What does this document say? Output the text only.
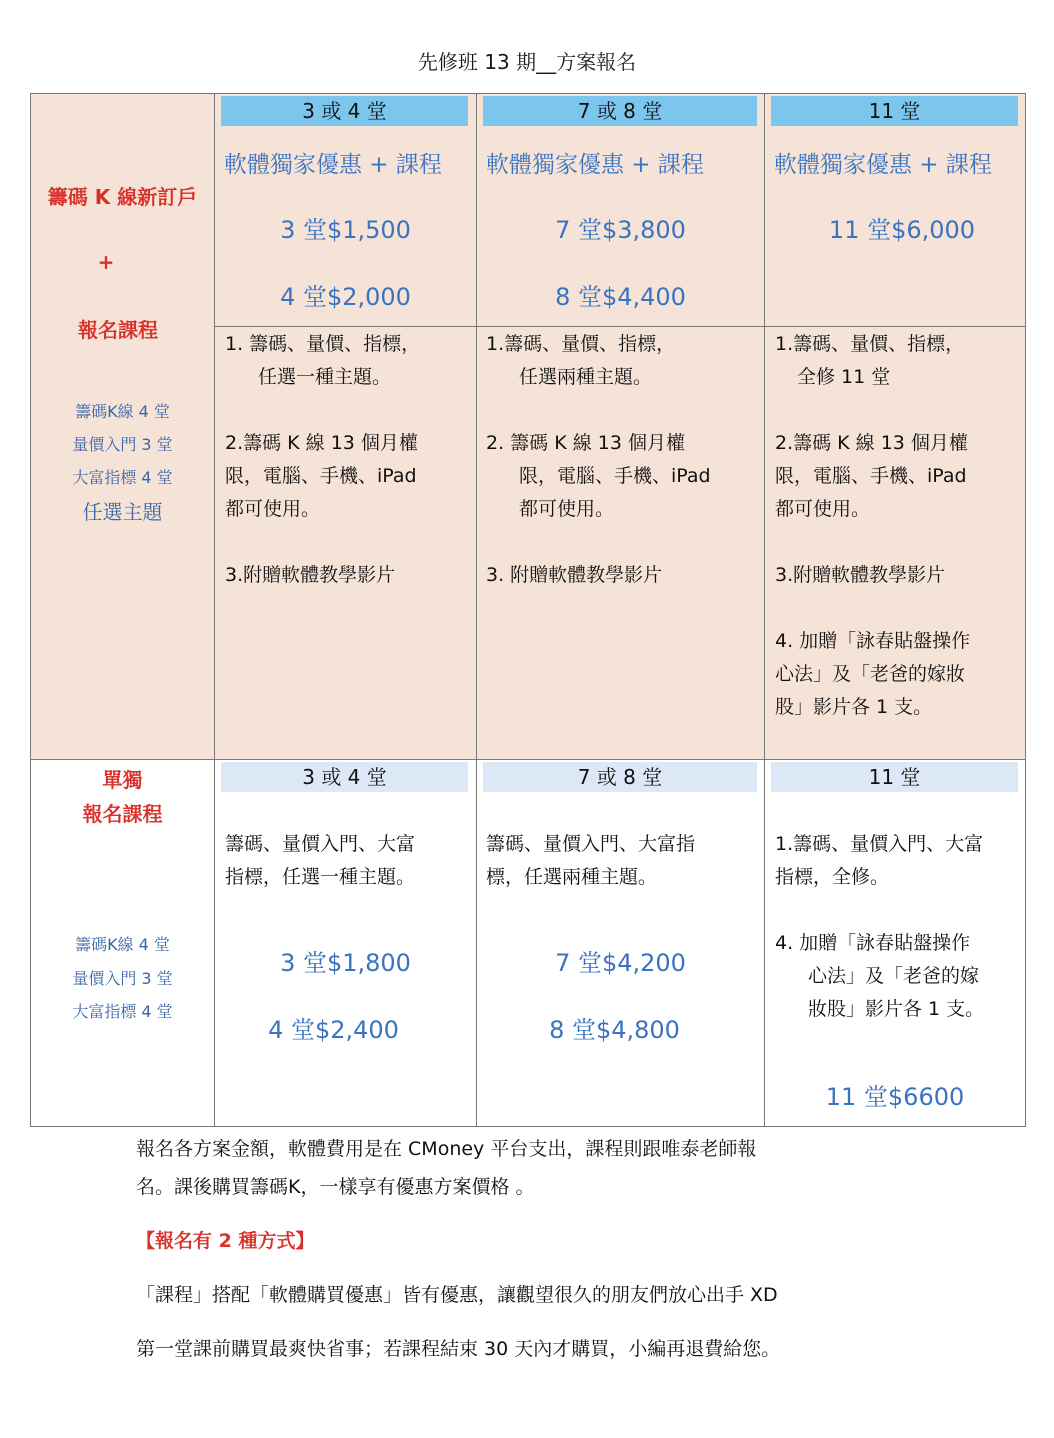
先修班 13 期__方案報名
籌碼 K 線新訂戶
+
報名課程
籌碼K線 4 堂
量價入門 3 堂
大富指標 4 堂
任選主題
3 或 4 堂
軟體獨家優惠 + 課程
3 堂$1,500
4 堂$2,000
1. 籌碼、量價、指標，
任選一種主題。
2.籌碼 K 線 13 個月權
限，電腦、手機、iPad
都可使用。
3.附贈軟體教學影片
7 或 8 堂
軟體獨家優惠 + 課程
7 堂$3,800
8 堂$4,400
1.籌碼、量價、指標，
任選兩種主題。
2. 籌碼 K 線 13 個月權
限，電腦、手機、iPad
都可使用。
3. 附贈軟體教學影片
11 堂
軟體獨家優惠 + 課程
11 堂$6,000
1.籌碼、量價、指標，
全修 11 堂
2.籌碼 K 線 13 個月權
限，電腦、手機、iPad
都可使用。
3.附贈軟體教學影片
4. 加贈「詠春貼盤操作
心法」及「老爸的嫁妝
股」影片各 1 支。
單獨
報名課程
籌碼K線 4 堂
量價入門 3 堂
大富指標 4 堂
3 或 4 堂
籌碼、量價入門、大富
指標，任選一種主題。
3 堂$1,800
4 堂$2,400
7 或 8 堂
籌碼、量價入門、大富指
標，任選兩種主題。
7 堂$4,200
8 堂$4,800
11 堂
1.籌碼、量價入門、大富
指標，全修。
4. 加贈「詠春貼盤操作
心法」及「老爸的嫁
妝股」影片各 1 支。
11 堂$6600
報名各方案金額，軟體費用是在 CMoney 平台支出，課程則跟唯泰老師報
名。課後購買籌碼K，一樣享有優惠方案價格 。
【報名有 2 種方式】
「課程」搭配「軟體購買優惠」皆有優惠，讓觀望很久的朋友們放心出手 XD
第一堂課前購買最爽快省事；若課程結束 30 天內才購買，小編再退費給您。
